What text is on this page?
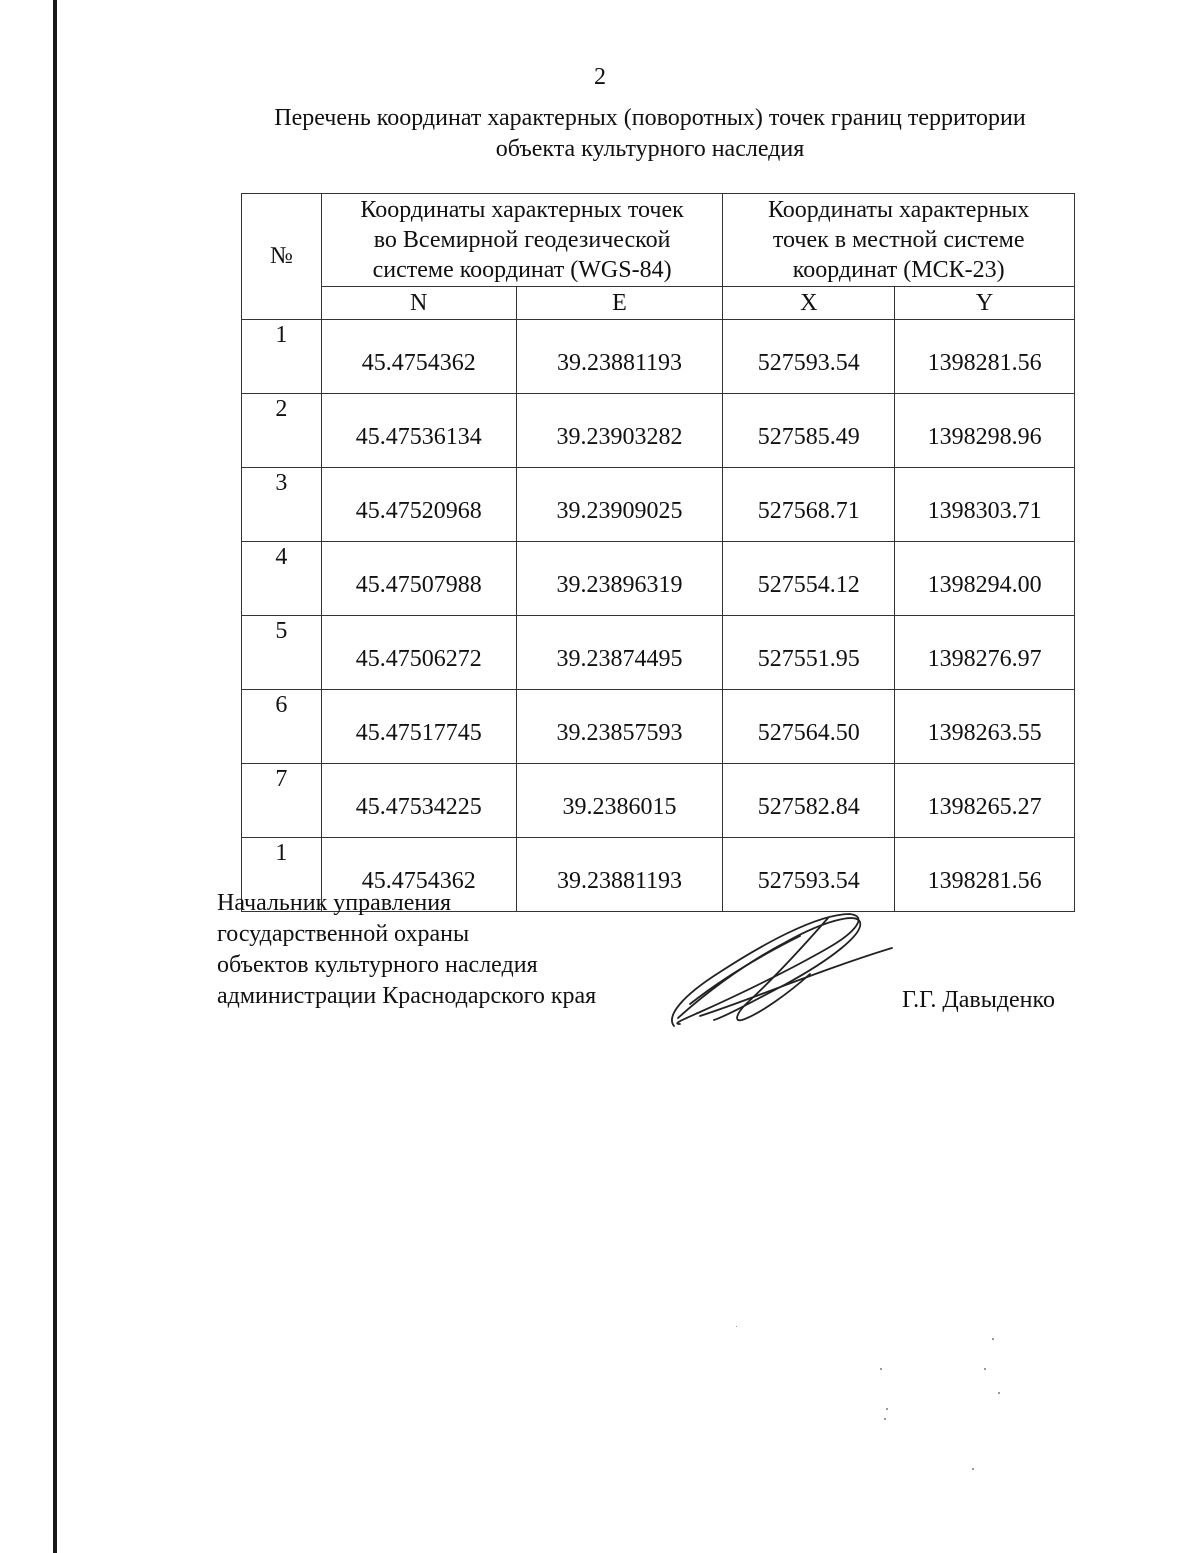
2
Перечень координат характерных (поворотных) точек границ территории
объекта культурного наследия
№	Координаты характерных точек
во Всемирной геодезической
системе координат (WGS-84)		Координаты характерных
точек в местной системе
координат (МСК-23)	

	N	E	X	Y
1	45.4754362	39.23881193	527593.54	1398281.56
2	45.47536134	39.23903282	527585.49	1398298.96
3	45.47520968	39.23909025	527568.71	1398303.71
4	45.47507988	39.23896319	527554.12	1398294.00
5	45.47506272	39.23874495	527551.95	1398276.97
6	45.47517745	39.23857593	527564.50	1398263.55
7	45.47534225	39.2386015	527582.84	1398265.27
1	45.4754362	39.23881193	527593.54	1398281.56
Начальник управления
государственной охраны
объектов культурного наследия
администрации Краснодарского края	Г.Г. Давыденко
